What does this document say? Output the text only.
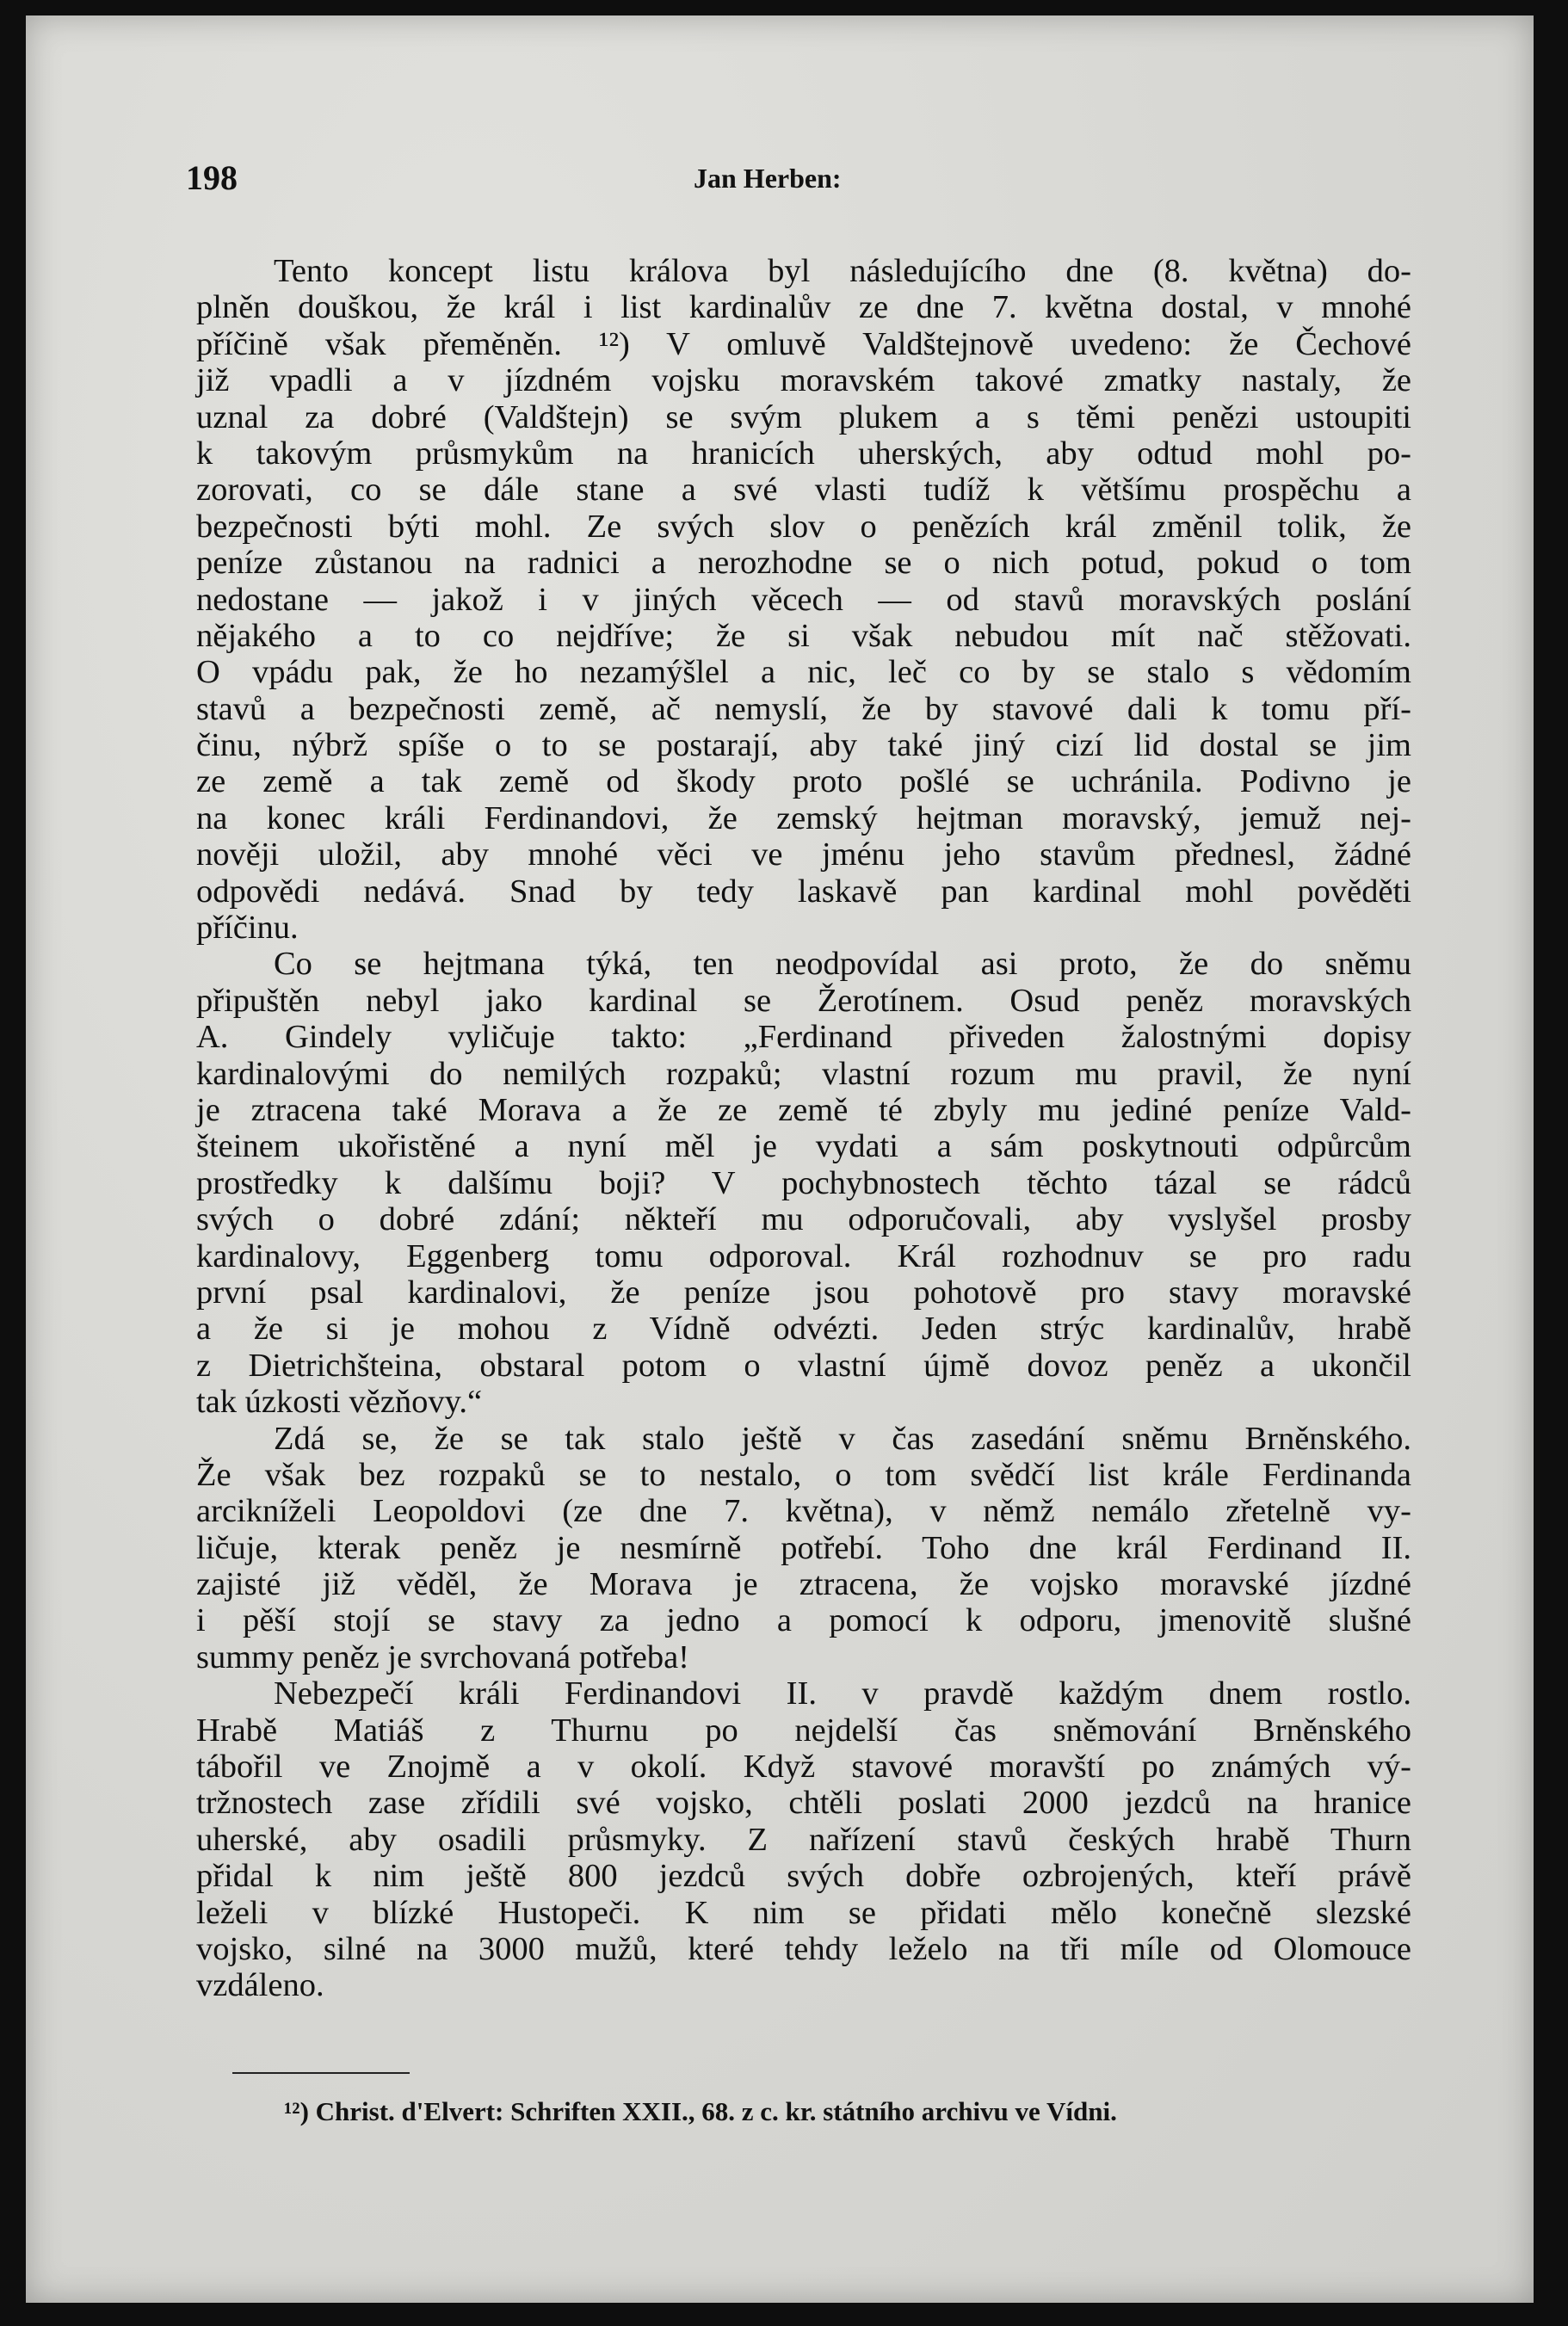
198	Jan Herben:
Tento koncept listu králova byl následujícího dne (8. května) do-
plněn douškou, že král i list kardinalův ze dne 7. května dostal, v mnohé
příčině však přeměněn. ¹²) V omluvě Valdštejnově uvedeno: že Čechové
již vpadli a v jízdném vojsku moravském takové zmatky nastaly, že
uznal za dobré (Valdštejn) se svým plukem a s těmi penězi ustoupiti
k takovým průsmykům na hranicích uherských, aby odtud mohl po-
zorovati, co se dále stane a své vlasti tudíž k většímu prospěchu a
bezpečnosti býti mohl. Ze svých slov o penězích král změnil tolik, že
peníze zůstanou na radnici a nerozhodne se o nich potud, pokud o tom
nedostane — jakož i v jiných věcech — od stavů moravských poslání
nějakého a to co nejdříve; že si však nebudou mít nač stěžovati.
O vpádu pak, že ho nezamýšlel a nic, leč co by se stalo s vědomím
stavů a bezpečnosti země, ač nemyslí, že by stavové dali k tomu pří-
činu, nýbrž spíše o to se postarají, aby také jiný cizí lid dostal se jim
ze země a tak země od škody proto pošlé se uchránila. Podivno je
na konec králi Ferdinandovi, že zemský hejtman moravský, jemuž nej-
nověji uložil, aby mnohé věci ve jménu jeho stavům přednesl, žádné
odpovědi nedává. Snad by tedy laskavě pan kardinal mohl pověděti
příčinu.
Co se hejtmana týká, ten neodpovídal asi proto, že do sněmu
připuštěn nebyl jako kardinal se Žerotínem. Osud peněz moravských
A. Gindely vyličuje takto: „Ferdinand přiveden žalostnými dopisy
kardinalovými do nemilých rozpaků; vlastní rozum mu pravil, že nyní
je ztracena také Morava a že ze země té zbyly mu jediné peníze Vald-
šteinem ukořistěné a nyní měl je vydati a sám poskytnouti odpůrcům
prostředky k dalšímu boji? V pochybnostech těchto tázal se rádců
svých o dobré zdání; někteří mu odporučovali, aby vyslyšel prosby
kardinalovy, Eggenberg tomu odporoval. Král rozhodnuv se pro radu
první psal kardinalovi, že peníze jsou pohotově pro stavy moravské
a že si je mohou z Vídně odvézti. Jeden strýc kardinalův, hrabě
z Dietrichšteina, obstaral potom o vlastní újmě dovoz peněz a ukončil
tak úzkosti vězňovy.“
Zdá se, že se tak stalo ještě v čas zasedání sněmu Brněnského.
Že však bez rozpaků se to nestalo, o tom svědčí list krále Ferdinanda
arcikníželi Leopoldovi (ze dne 7. května), v němž nemálo zřetelně vy-
ličuje, kterak peněz je nesmírně potřebí. Toho dne král Ferdinand II.
zajisté již věděl, že Morava je ztracena, že vojsko moravské jízdné
i pěší stojí se stavy za jedno a pomocí k odporu, jmenovitě slušné
summy peněz je svrchovaná potřeba!
Nebezpečí králi Ferdinandovi II. v pravdě každým dnem rostlo.
Hrabě Matiáš z Thurnu po nejdelší čas sněmování Brněnského
tábořil ve Znojmě a v okolí. Když stavové moravští po známých vý-
tržnostech zase zřídili své vojsko, chtěli poslati 2000 jezdců na hranice
uherské, aby osadili průsmyky. Z nařízení stavů českých hrabě Thurn
přidal k nim ještě 800 jezdců svých dobře ozbrojených, kteří právě
leželi v blízké Hustopeči. K nim se přidati mělo konečně slezské
vojsko, silné na 3000 mužů, které tehdy leželo na tři míle od Olomouce
vzdáleno.
¹²) Christ. d'Elvert: Schriften XXII., 68. z c. kr. státního archivu ve Vídni.
